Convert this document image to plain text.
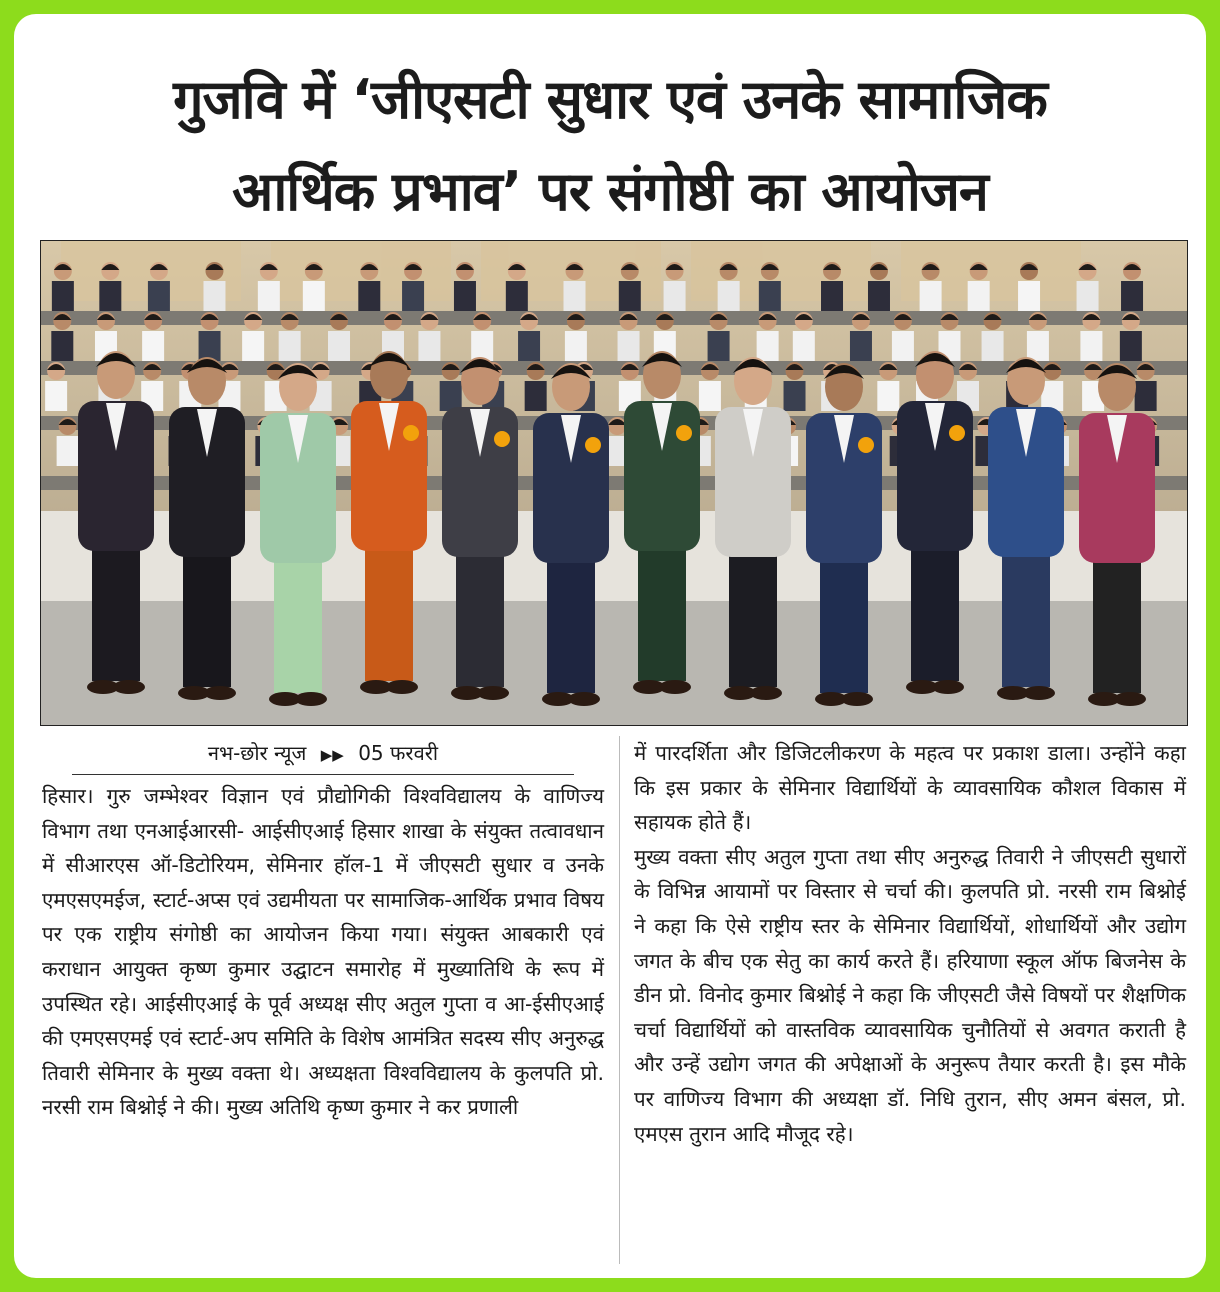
गुजवि में ‘जीएसटी सुधार एवं उनके सामाजिक
आर्थिक प्रभाव’ पर संगोष्ठी का आयोजन
नभ-छोर न्यूज ▶▶ 05 फरवरी

हिसार। गुरु जम्भेश्वर विज्ञान एवं प्रौद्योगिकी विश्वविद्यालय के वाणिज्य विभाग तथा एनआईआरसी- आईसीएआई हिसार शाखा के संयुक्त तत्वावधान में सीआरएस ऑ-डिटोरियम, सेमिनार हॉल-1 में जीएसटी सुधार व उनके एमएसएमईज, स्टार्ट-अप्स एवं उद्यमीयता पर सामाजिक-आर्थिक प्रभाव विषय पर एक राष्ट्रीय संगोष्ठी का आयोजन किया गया। संयुक्त आबकारी एवं कराधान आयुक्त कृष्ण कुमार उद्घाटन समारोह में मुख्यातिथि के रूप में उपस्थित रहे। आईसीएआई के पूर्व अध्यक्ष सीए अतुल गुप्ता व आ-ईसीएआई की एमएसएमई एवं स्टार्ट-अप समिति के विशेष आमंत्रित सदस्य सीए अनुरुद्ध तिवारी सेमिनार के मुख्य वक्ता थे। अध्यक्षता विश्वविद्यालय के कुलपति प्रो. नरसी राम बिश्नोई ने की। मुख्य अतिथि कृष्ण कुमार ने कर प्रणाली

में पारदर्शिता और डिजिटलीकरण के महत्व पर प्रकाश डाला। उन्होंने कहा कि इस प्रकार के सेमिनार विद्यार्थियों के व्यावसायिक कौशल विकास में सहायक होते हैं।

मुख्य वक्ता सीए अतुल गुप्ता तथा सीए अनुरुद्ध तिवारी ने जीएसटी सुधारों के विभिन्न आयामों पर विस्तार से चर्चा की। कुलपति प्रो. नरसी राम बिश्नोई ने कहा कि ऐसे राष्ट्रीय स्तर के सेमिनार विद्यार्थियों, शोधार्थियों और उद्योग जगत के बीच एक सेतु का कार्य करते हैं। हरियाणा स्कूल ऑफ बिजनेस के डीन प्रो. विनोद कुमार बिश्नोई ने कहा कि जीएसटी जैसे विषयों पर शैक्षणिक चर्चा विद्यार्थियों को वास्तविक व्यावसायिक चुनौतियों से अवगत कराती है और उन्हें उद्योग जगत की अपेक्षाओं के अनुरूप तैयार करती है। इस मौके पर वाणिज्य विभाग की अध्यक्षा डॉ. निधि तुरान, सीए अमन बंसल, प्रो. एमएस तुरान आदि मौजूद रहे।
